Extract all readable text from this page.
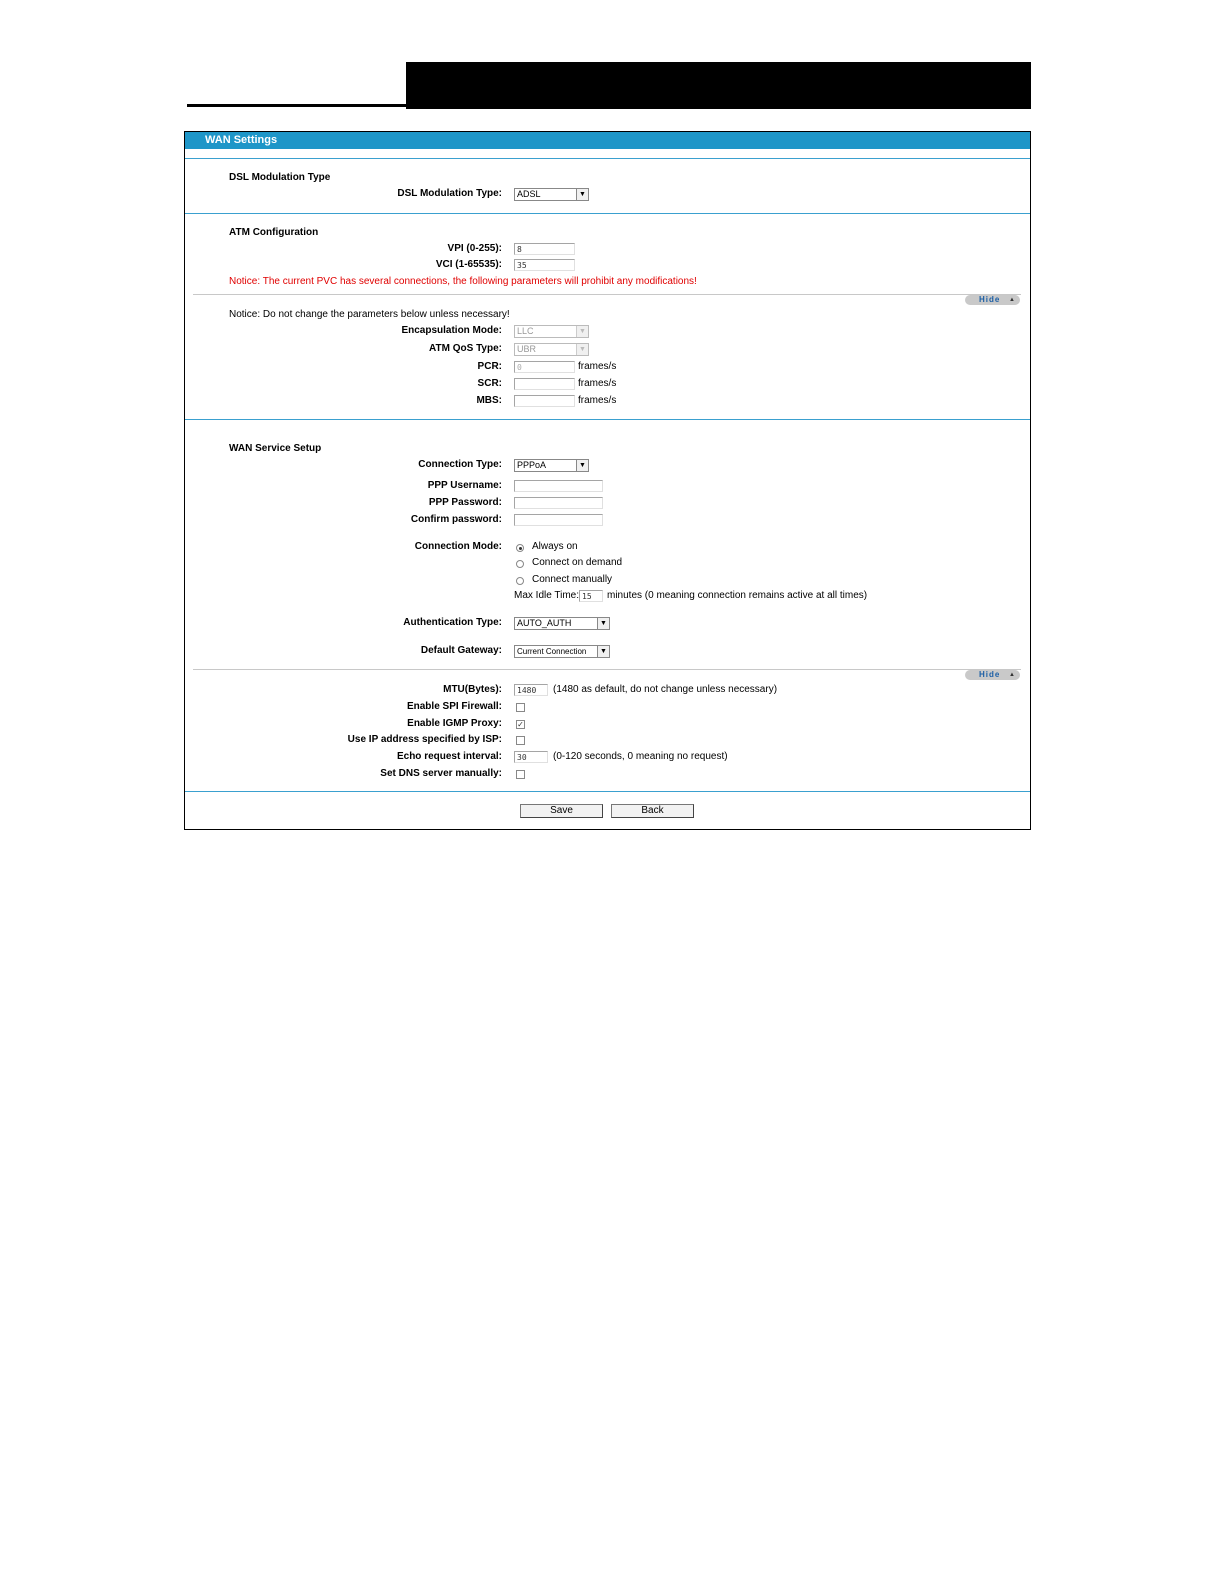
WAN Settings
DSL Modulation Type
DSL Modulation Type:	ADSL	▼
ATM Configuration
VPI (0-255):	8
VCI (1-65535):	35
Notice: The current PVC has several connections, the following parameters will prohibit any modifications!
Hide ▲
Notice: Do not change the parameters below unless necessary!
Encapsulation Mode:	LLC	▼
ATM QoS Type:	UBR	▼
PCR:	0	frames/s
SCR:	frames/s
MBS:	frames/s
WAN Service Setup
Connection Type:	PPPoA	▼
PPP Username:
PPP Password:
Confirm password:
Connection Mode:	Always on
Connect on demand
Connect manually
Max Idle Time: 15	minutes (0 meaning connection remains active at all times)
Authentication Type:	AUTO_AUTH	▼
Default Gateway:	Current Connection	▼
Hide ▲
MTU(Bytes):	1480	(1480 as default, do not change unless necessary)
Enable SPI Firewall:
Enable IGMP Proxy: ✓
Use IP address specified by ISP:
Echo request interval:	30	(0-120 seconds, 0 meaning no request)
Set DNS server manually:
Save	Back
